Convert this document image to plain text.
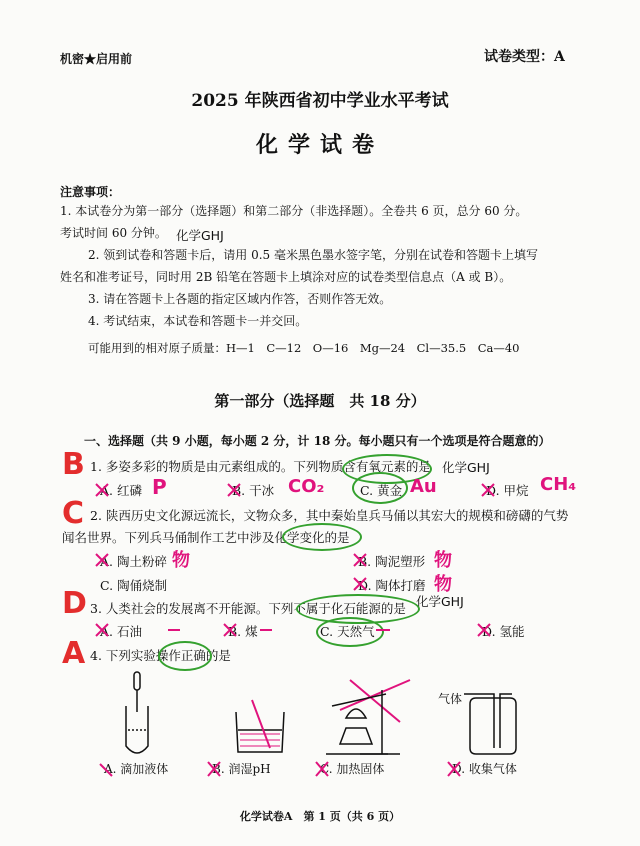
机密★启用前	试卷类型：A
2025 年陕西省初中学业水平考试
化学试卷
注意事项：
1. 本试卷分为第一部分（选择题）和第二部分（非选择题）。全卷共 6 页，总分 60 分。
考试时间 60 分钟。 化学GHJ
2. 领到试卷和答题卡后，请用 0.5 毫米黑色墨水签字笔，分别在试卷和答题卡上填写
姓名和准考证号，同时用 2B 铅笔在答题卡上填涂对应的试卷类型信息点（A 或 B）。
3. 请在答题卡上各题的指定区域内作答，否则作答无效。
4. 考试结束，本试卷和答题卡一并交回。
可能用到的相对原子质量：H—1　C—12　O—16　Mg—24　Cl—35.5　Ca—40
第一部分（选择题　共 18 分）
一、选择题（共 9 小题，每小题 2 分，计 18 分。每小题只有一个选项是符合题意的）
B 1. 多姿多彩的物质是由元素组成的。下列物质含有氧元素的是 化学GHJ
A. 红磷	B. 干冰	C. 黄金	D. 甲烷
P	CO₂	Au	CH₄
C 2. 陕西历史文化源远流长，文物众多，其中秦始皇兵马俑以其宏大的规模和磅礴的气势
闻名世界。下列兵马俑制作工艺中涉及化学变化的是
A. 陶土粉碎	B. 陶泥塑形
C. 陶俑烧制	D. 陶体打磨
物	物
物
D 3. 人类社会的发展离不开能源。下列不属于化石能源的是 化学GHJ
A. 石油	B. 煤	C. 天然气	D. 氢能
A 4. 下列实验操作正确的是
A. 滴加液体	B. 润湿pH	C. 加热固体	D. 收集气体
气体
化学试卷A　第 1 页（共 6 页）
